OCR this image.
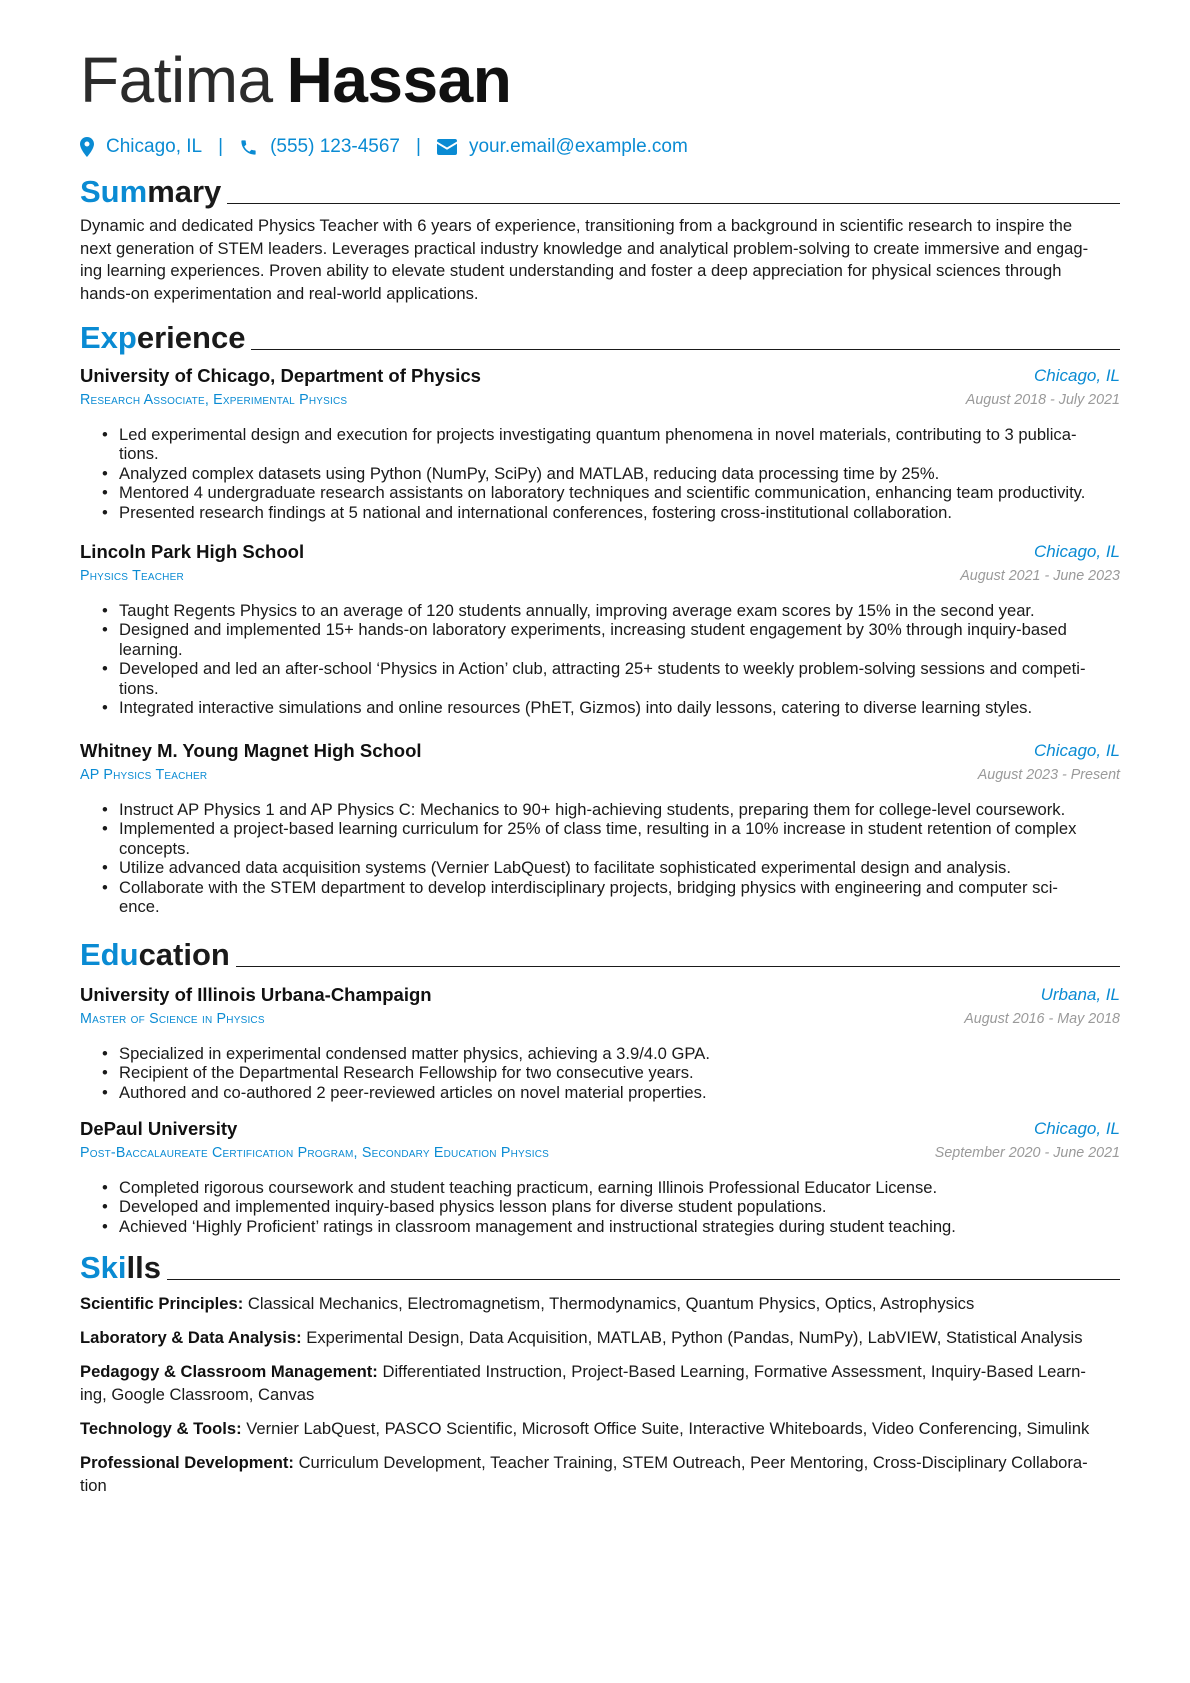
Fatima Hassan
Chicago, IL | (555) 123-4567 |	your.email@example.com
Summary
Dynamic and dedicated Physics Teacher with 6 years of experience, transitioning from a background in scientific research to inspire the
next generation of STEM leaders. Leverages practical industry knowledge and analytical problem-solving to create immersive and engag-
ing learning experiences. Proven ability to elevate student understanding and foster a deep appreciation for physical sciences through
hands-on experimentation and real-world applications.
Experience
University of Chicago, Department of Physics	Chicago, IL
Research Associate, Experimental Physics	August 2018 - July 2021
• Led experimental design and execution for projects investigating quantum phenomena in novel materials, contributing to 3 publica-
tions.
• Analyzed complex datasets using Python (NumPy, SciPy) and MATLAB, reducing data processing time by 25%.
• Mentored 4 undergraduate research assistants on laboratory techniques and scientific communication, enhancing team productivity.
• Presented research findings at 5 national and international conferences, fostering cross-institutional collaboration.
Lincoln Park High School	Chicago, IL
Physics Teacher	August 2021 - June 2023
• Taught Regents Physics to an average of 120 students annually, improving average exam scores by 15% in the second year.
• Designed and implemented 15+ hands-on laboratory experiments, increasing student engagement by 30% through inquiry-based
learning.
• Developed and led an after-school ‘Physics in Action’ club, attracting 25+ students to weekly problem-solving sessions and competi-
tions.
• Integrated interactive simulations and online resources (PhET, Gizmos) into daily lessons, catering to diverse learning styles.
Whitney M. Young Magnet High School	Chicago, IL
AP Physics Teacher	August 2023 - Present
• Instruct AP Physics 1 and AP Physics C: Mechanics to 90+ high-achieving students, preparing them for college-level coursework.
• Implemented a project-based learning curriculum for 25% of class time, resulting in a 10% increase in student retention of complex
concepts.
• Utilize advanced data acquisition systems (Vernier LabQuest) to facilitate sophisticated experimental design and analysis.
• Collaborate with the STEM department to develop interdisciplinary projects, bridging physics with engineering and computer sci-
ence.
Education
University of Illinois Urbana-Champaign	Urbana, IL
Master of Science in Physics	August 2016 - May 2018
• Specialized in experimental condensed matter physics, achieving a 3.9/4.0 GPA.
• Recipient of the Departmental Research Fellowship for two consecutive years.
• Authored and co-authored 2 peer-reviewed articles on novel material properties.
DePaul University	Chicago, IL
Post-Baccalaureate Certification Program, Secondary Education Physics	September 2020 - June 2021
• Completed rigorous coursework and student teaching practicum, earning Illinois Professional Educator License.
• Developed and implemented inquiry-based physics lesson plans for diverse student populations.
• Achieved ‘Highly Proficient’ ratings in classroom management and instructional strategies during student teaching.
Skills
Scientific Principles: Classical Mechanics, Electromagnetism, Thermodynamics, Quantum Physics, Optics, Astrophysics
Laboratory & Data Analysis: Experimental Design, Data Acquisition, MATLAB, Python (Pandas, NumPy), LabVIEW, Statistical Analysis
Pedagogy & Classroom Management: Differentiated Instruction, Project-Based Learning, Formative Assessment, Inquiry-Based Learn-
ing, Google Classroom, Canvas
Technology & Tools: Vernier LabQuest, PASCO Scientific, Microsoft Office Suite, Interactive Whiteboards, Video Conferencing, Simulink
Professional Development: Curriculum Development, Teacher Training, STEM Outreach, Peer Mentoring, Cross-Disciplinary Collabora-
tion
